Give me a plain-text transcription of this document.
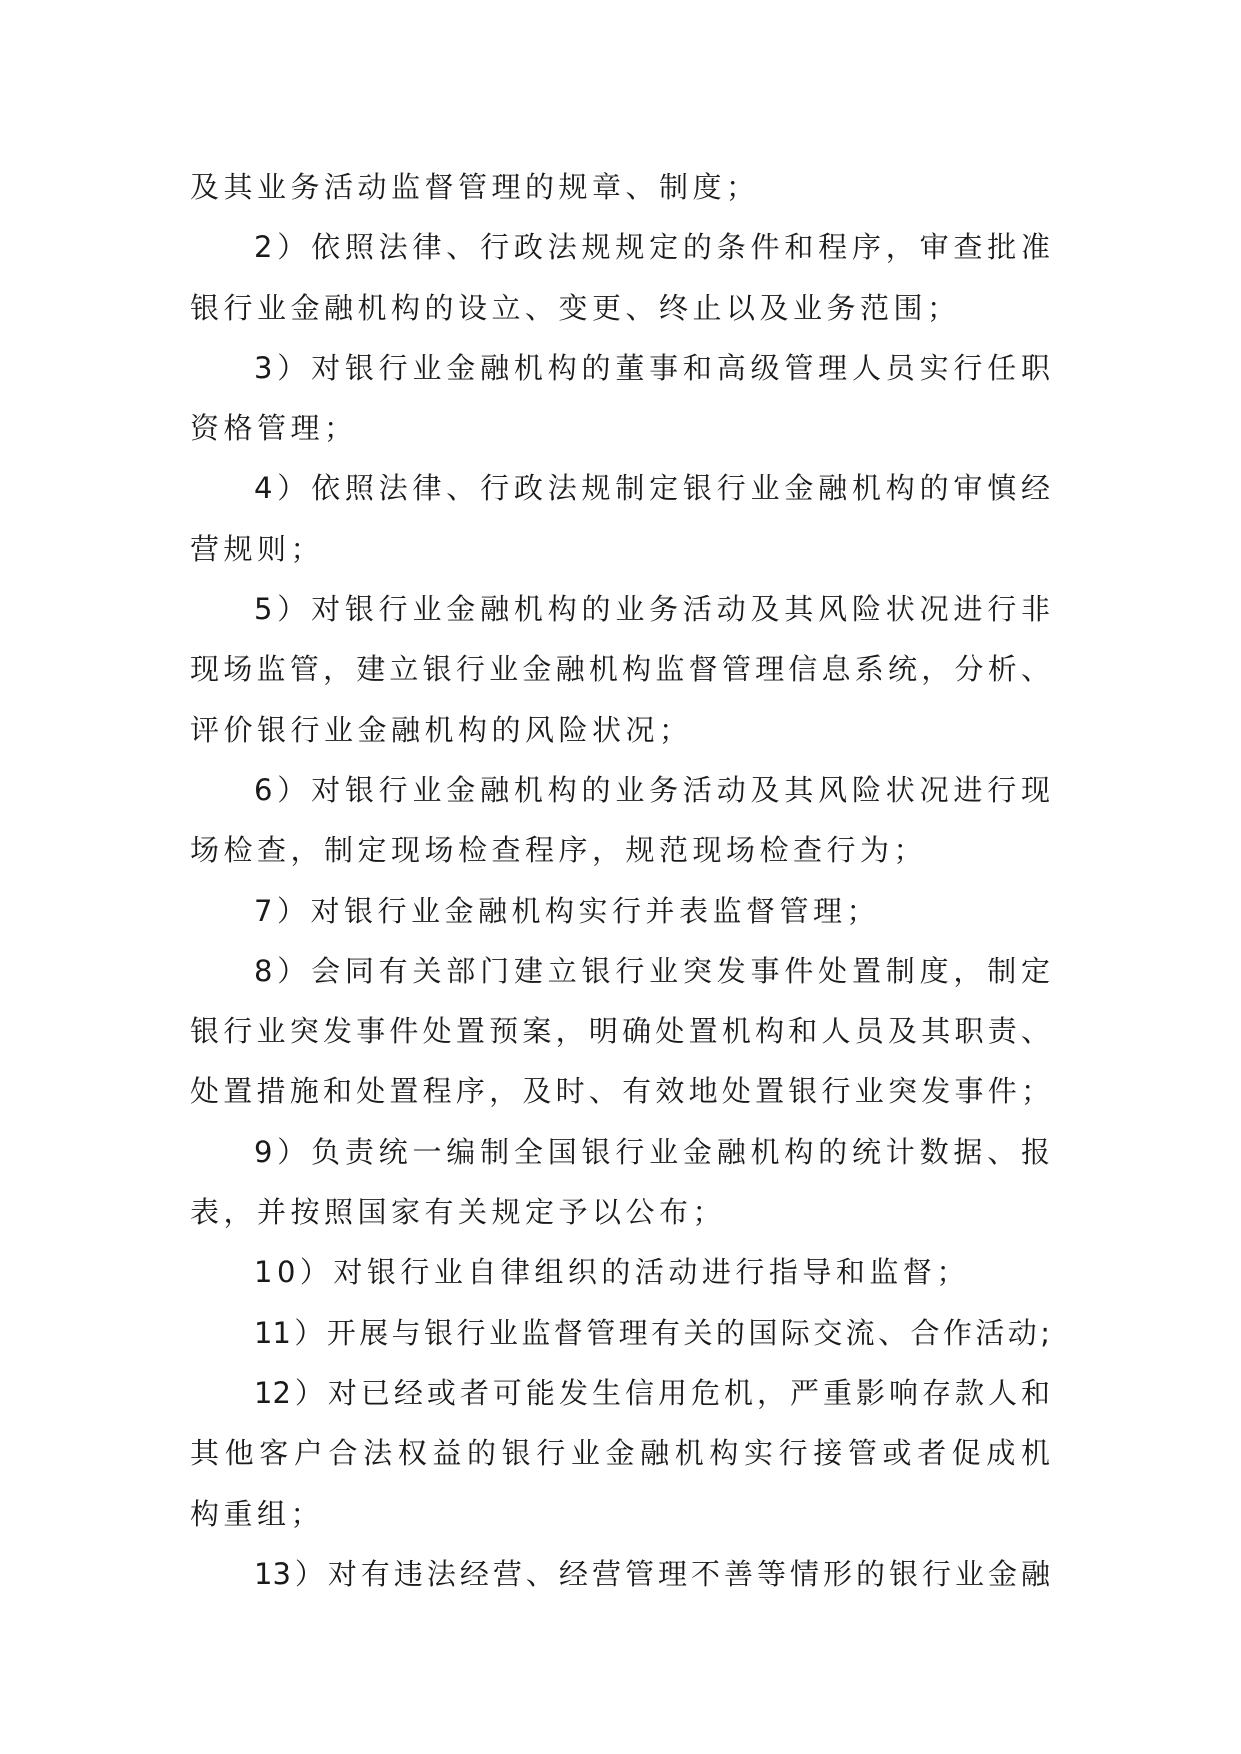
及其业务活动监督管理的规章、制度；
2）依照法律、行政法规规定的条件和程序，审查批准
银行业金融机构的设立、变更、终止以及业务范围；
3）对银行业金融机构的董事和高级管理人员实行任职
资格管理；
4）依照法律、行政法规制定银行业金融机构的审慎经
营规则；
5）对银行业金融机构的业务活动及其风险状况进行非
现场监管，建立银行业金融机构监督管理信息系统，分析、
评价银行业金融机构的风险状况；
6）对银行业金融机构的业务活动及其风险状况进行现
场检查，制定现场检查程序，规范现场检查行为；
7）对银行业金融机构实行并表监督管理；
8）会同有关部门建立银行业突发事件处置制度，制定
银行业突发事件处置预案，明确处置机构和人员及其职责、
处置措施和处置程序，及时、有效地处置银行业突发事件；
9）负责统一编制全国银行业金融机构的统计数据、报
表，并按照国家有关规定予以公布；
10）对银行业自律组织的活动进行指导和监督；
11）开展与银行业监督管理有关的国际交流、合作活动;
12）对已经或者可能发生信用危机，严重影响存款人和
其他客户合法权益的银行业金融机构实行接管或者促成机
构重组；
13）对有违法经营、经营管理不善等情形的银行业金融
